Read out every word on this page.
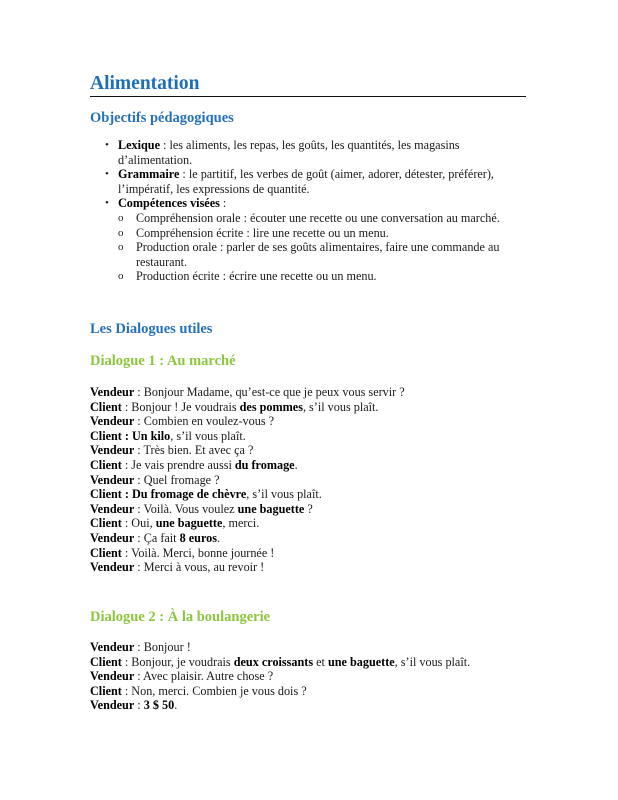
Alimentation
Objectifs pédagogiques
• Lexique : les aliments, les repas, les goûts, les quantités, les magasins d’alimentation.
• Grammaire : le partitif, les verbes de goût (aimer, adorer, détester, préférer), l’impératif, les expressions de quantité.
• Compétences visées :
o Compréhension orale : écouter une recette ou une conversation au marché.
o Compréhension écrite : lire une recette ou un menu.
o Production orale : parler de ses goûts alimentaires, faire une commande au restaurant.
o Production écrite : écrire une recette ou un menu.
Les Dialogues utiles
Dialogue 1 : Au marché
Vendeur : Bonjour Madame, qu’est-ce que je peux vous servir ?
Client : Bonjour ! Je voudrais des pommes, s’il vous plaît.
Vendeur : Combien en voulez-vous ?
Client : Un kilo, s’il vous plaît.
Vendeur : Très bien. Et avec ça ?
Client : Je vais prendre aussi du fromage.
Vendeur : Quel fromage ?
Client : Du fromage de chèvre, s’il vous plaît.
Vendeur : Voilà. Vous voulez une baguette ?
Client : Oui, une baguette, merci.
Vendeur : Ça fait 8 euros.
Client : Voilà. Merci, bonne journée !
Vendeur : Merci à vous, au revoir !
Dialogue 2 : À la boulangerie
Vendeur : Bonjour !
Client : Bonjour, je voudrais deux croissants et une baguette, s’il vous plaît.
Vendeur : Avec plaisir. Autre chose ?
Client : Non, merci. Combien je vous dois ?
Vendeur : 3 $ 50.
